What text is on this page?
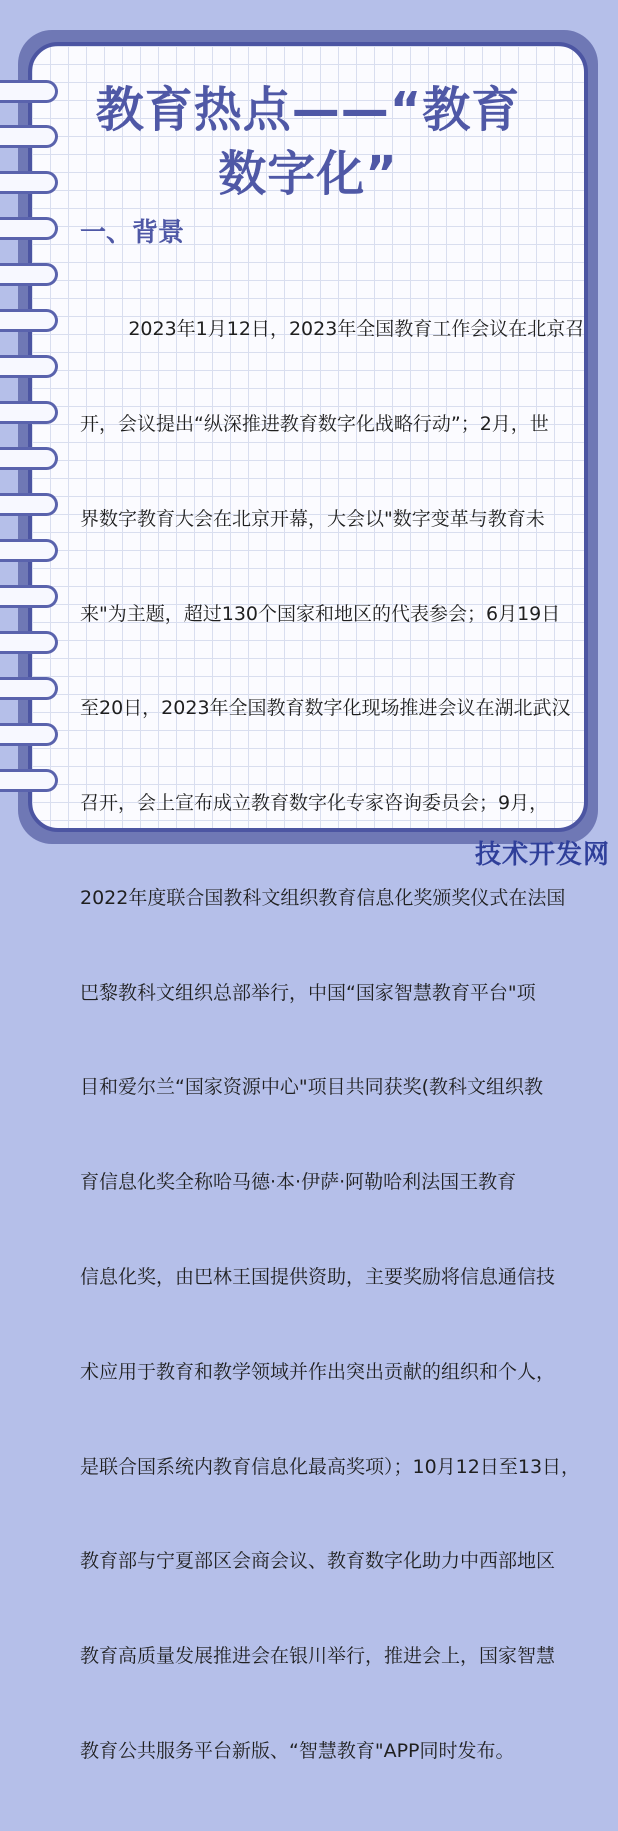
教育热点——“教育
数字化”
一、背景

2023年1月12日，2023年全国教育工作会议在北京召

开，会议提出“纵深推进教育数字化战略行动”；2月，世

界数字教育大会在北京开幕，大会以"数字变革与教育未

来"为主题，超过130个国家和地区的代表参会；6月19日

至20日，2023年全国教育数字化现场推进会议在湖北武汉

召开，会上宣布成立教育数字化专家咨询委员会；9月，

2022年度联合国教科文组织教育信息化奖颁奖仪式在法国

巴黎教科文组织总部举行，中国“国家智慧教育平台"项

目和爱尔兰“国家资源中心"项目共同获奖(教科文组织教

育信息化奖全称哈马德·本·伊萨·阿勒哈利法国王教育

信息化奖，由巴林王国提供资助，主要奖励将信息通信技

术应用于教育和教学领域并作出突出贡献的组织和个人，

是联合国系统内教育信息化最高奖项）；10月12日至13日，

教育部与宁夏部区会商会议、教育数字化助力中西部地区

教育高质量发展推进会在银川举行，推进会上，国家智慧

教育公共服务平台新版、“智慧教育"APP同时发布。

技术开发网
